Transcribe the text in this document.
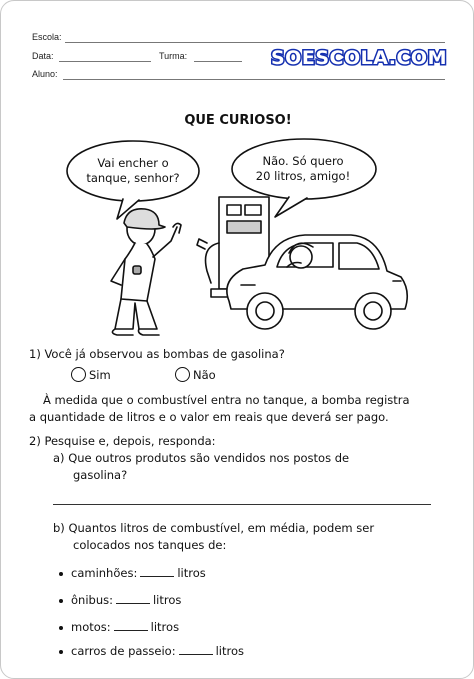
Escola:
Data:	Turma:
Aluno:
SOESCOLA.COM
QUE CURIOSO!
Vai encher o
tanque, senhor?
Não. Só quero
20 litros, amigo!
1) Você já observou as bombas de gasolina?
Sim	Não
À medida que o combustível entra no tanque, a bomba registra
a quantidade de litros e o valor em reais que deverá ser pago.
2) Pesquise e, depois, responda:
a) Que outros produtos são vendidos nos postos de
gasolina?
b) Quantos litros de combustível, em média, podem ser
colocados nos tanques de:
caminhões:	litros
ônibus:	litros
motos:	litros
carros de passeio:	litros
